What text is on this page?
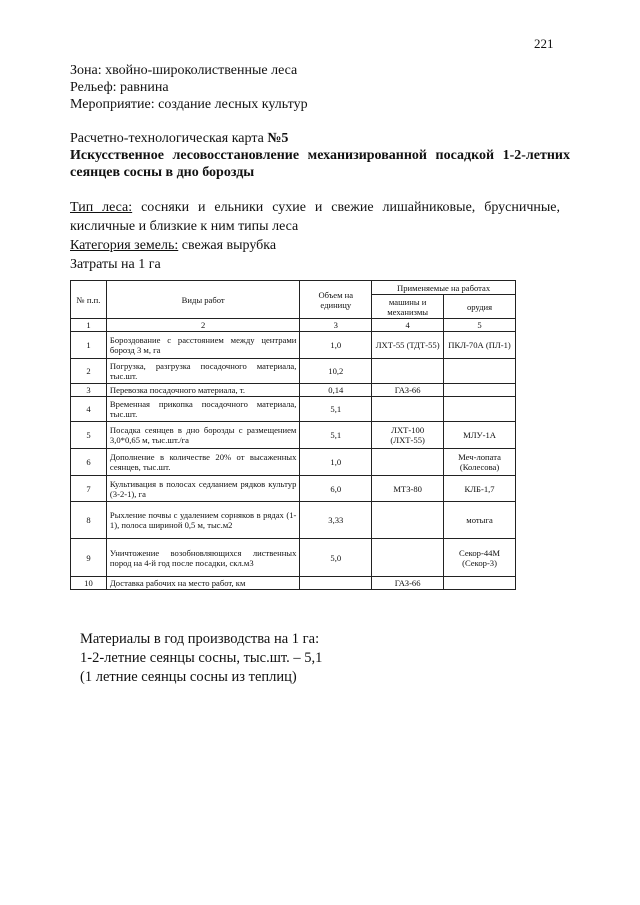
221
Зона: хвойно-широколиственные леса
Рельеф: равнина
Мероприятие: создание лесных культур
Расчетно-технологическая карта №5
Искусственное лесовосстановление механизированной посадкой 1-2-летних сеянцев сосны в дно борозды
Тип леса: сосняки и ельники сухие и свежие лишайниковые, брусничные, кисличные и близкие к ним типы леса
Категория земель: свежая вырубка
Затраты на 1 га
№ п.п.	Виды работ	Объем на единицу	Применяемые на работах	
			машины и механизмы	орудия
1	2	3	4	5
1	Бороздование с расстоянием между центрами борозд 3 м, га	1,0	ЛХТ-55 (ТДТ-55)	ПКЛ-70А (ПЛ-1)
2	Погрузка, разгрузка посадочного материала, тыс.шт.	10,2		
3	Перевозка посадочного материала, т.	0,14	ГАЗ-66	
4	Временная прикопка посадочного материала, тыс.шт.	5,1		
5	Посадка сеянцев в дно борозды с размещением 3,0*0,65 м, тыс.шт./га	5,1	ЛХТ-100 (ЛХТ-55)	МЛУ-1А
6	Дополнение в количестве 20% от высаженных сеянцев, тыс.шт.	1,0		Меч-лопата (Колесова)
7	Культивация в полосах седланием рядков культур (3-2-1), га	6,0	МТЗ-80	КЛБ-1,7
8	Рыхление почвы с удалением сорняков в рядах (1-1), полоса шириной 0,5 м, тыс.м2	3,33		мотыга
9	Уничтожение возобновляющихся лиственных пород на 4-й год после посадки, скл.м3	5,0		Секор-44М (Секор-3)
10	Доставка рабочих на место работ, км		ГАЗ-66	
Материалы в год производства на 1 га:
1-2-летние сеянцы сосны, тыс.шт. – 5,1
(1 летние сеянцы сосны из теплиц)
